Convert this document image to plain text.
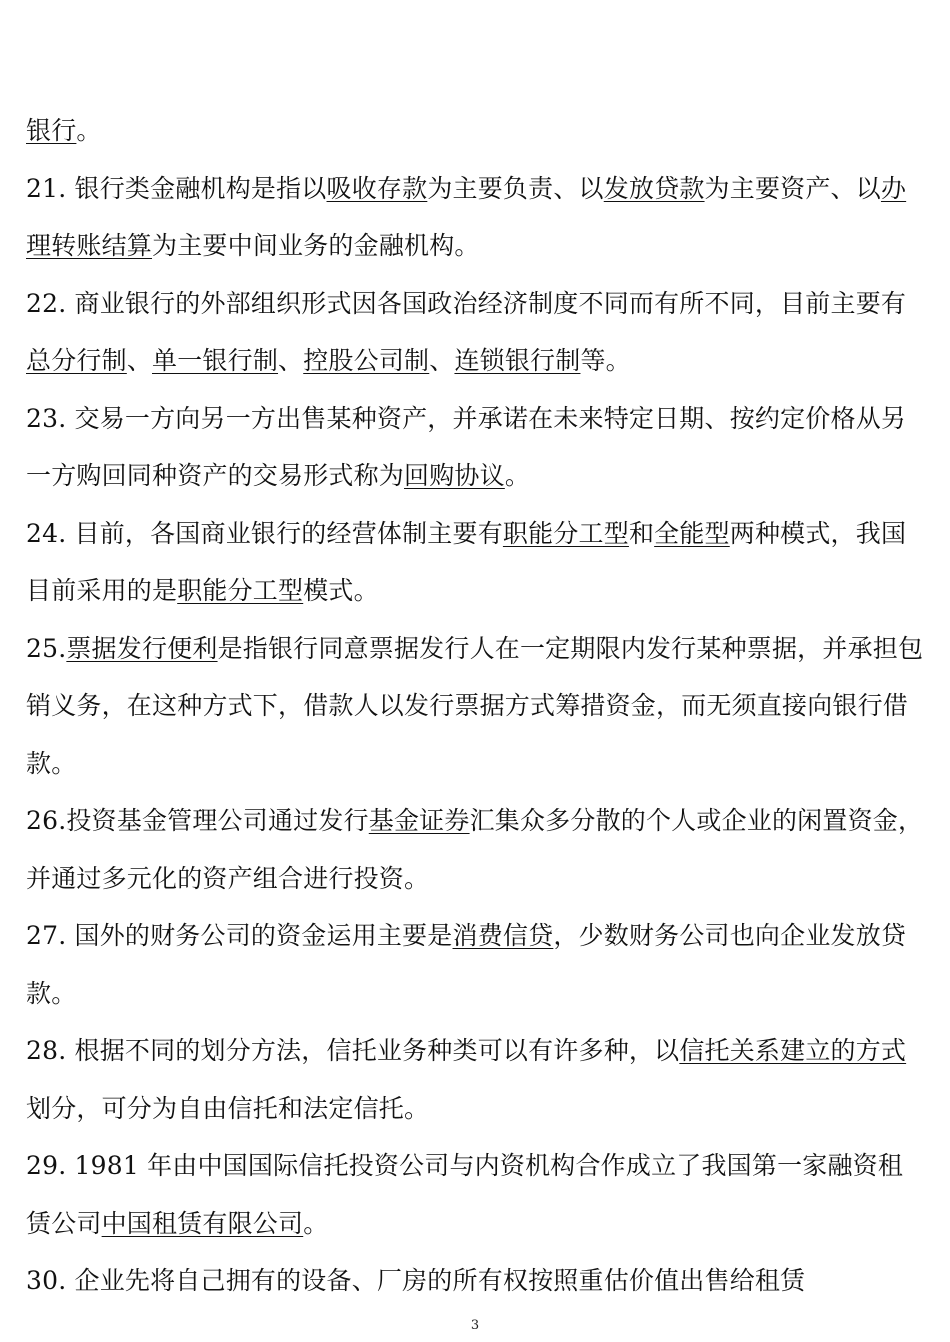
银行。

21. 银行类金融机构是指以吸收存款为主要负责、以发放贷款为主要资产、以办理转账结算为主要中间业务的金融机构。

22. 商业银行的外部组织形式因各国政治经济制度不同而有所不同，目前主要有总分行制、单一银行制、控股公司制、连锁银行制等。

23. 交易一方向另一方出售某种资产，并承诺在未来特定日期、按约定价格从另一方购回同种资产的交易形式称为回购协议。

24. 目前，各国商业银行的经营体制主要有职能分工型和全能型两种模式，我国目前采用的是职能分工型模式。

25.票据发行便利是指银行同意票据发行人在一定期限内发行某种票据，并承担包销义务，在这种方式下，借款人以发行票据方式筹措资金，而无须直接向银行借款。

26.投资基金管理公司通过发行基金证券汇集众多分散的个人或企业的闲置资金，并通过多元化的资产组合进行投资。

27. 国外的财务公司的资金运用主要是消费信贷，少数财务公司也向企业发放贷款。

28. 根据不同的划分方法，信托业务种类可以有许多种，以信托关系建立的方式划分，可分为自由信托和法定信托。

29. 1981 年由中国国际信托投资公司与内资机构合作成立了我国第一家融资租赁公司中国租赁有限公司。

30. 企业先将自己拥有的设备、厂房的所有权按照重估价值出售给租赁

3
